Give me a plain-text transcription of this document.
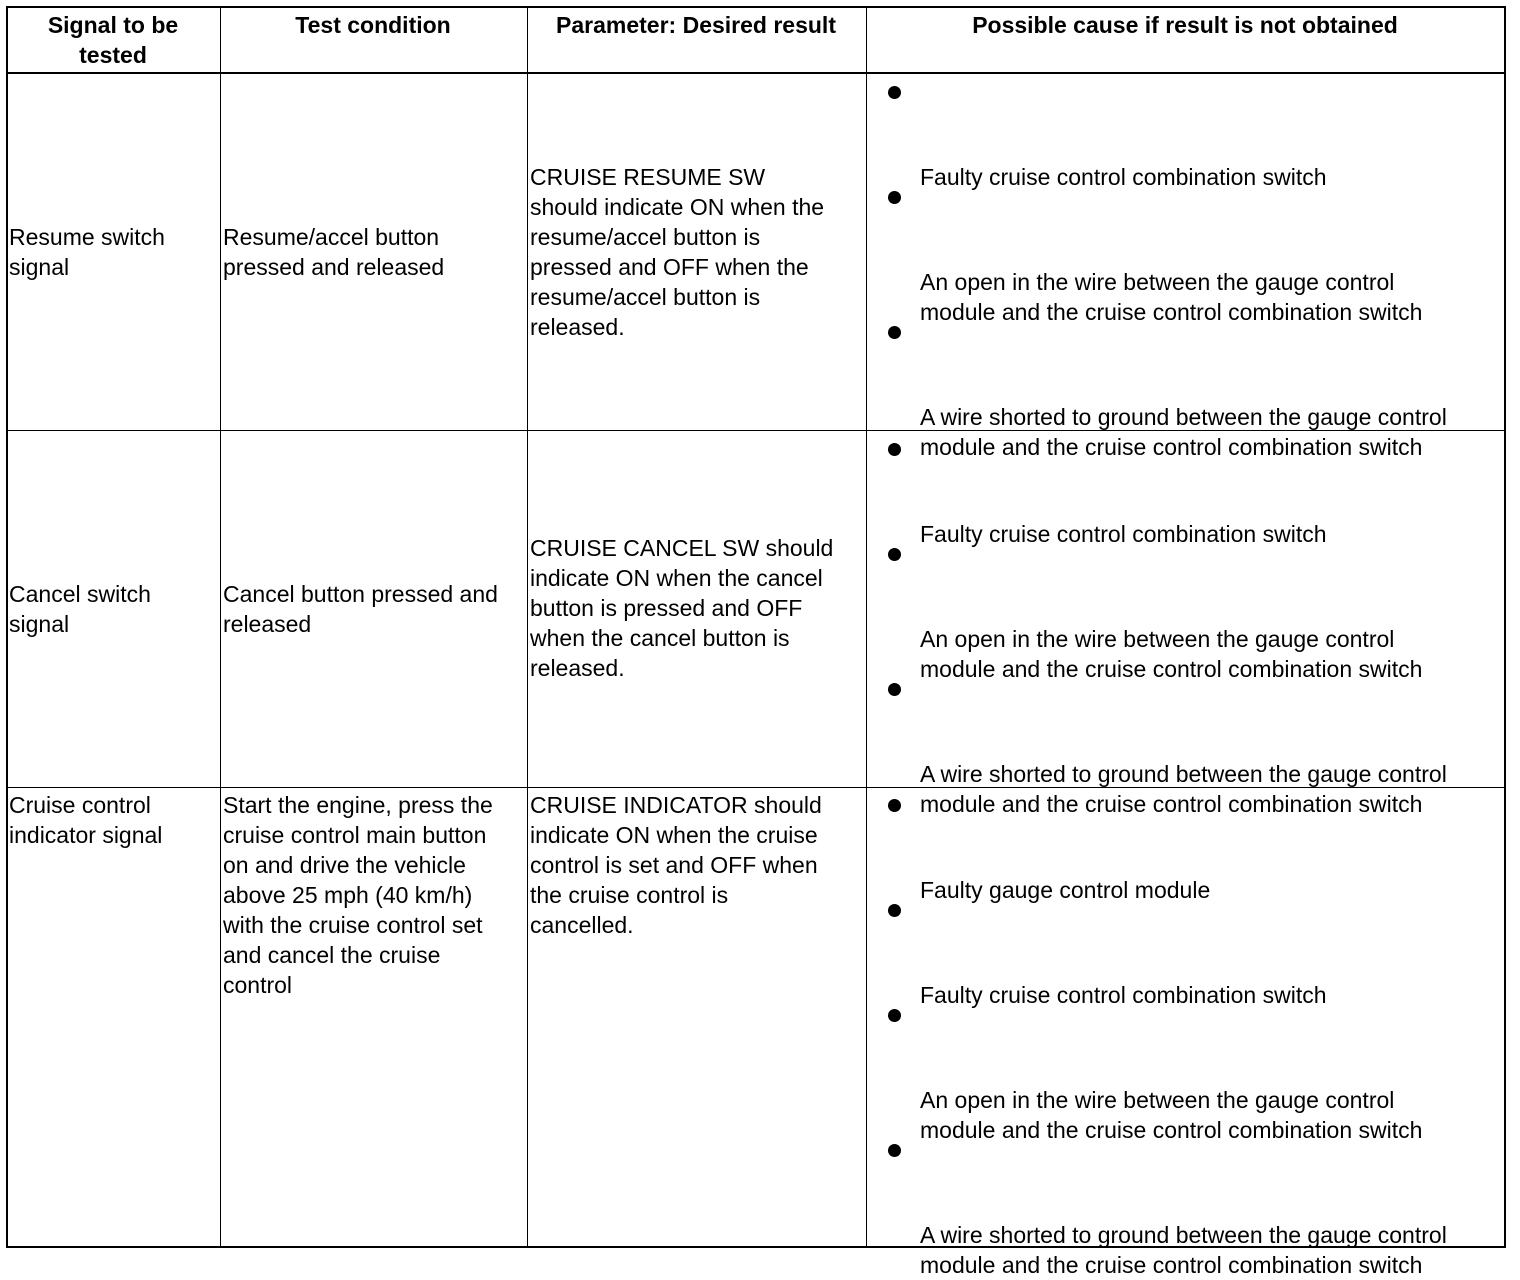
Signal to be
tested
Test condition	Parameter: Desired result	Possible cause if result is not obtained
Resume switch
signal
Resume/accel button
pressed and released
CRUISE RESUME SW
should indicate ON when the
resume/accel button is
pressed and OFF when the
resume/accel button is
released.

Faulty cruise control combination switch

An open in the wire between the gauge control
module and the cruise control combination switch

A wire shorted to ground between the gauge control
module and the cruise control combination switch

Cancel switch
signal
Cancel button pressed and
released
CRUISE CANCEL SW should
indicate ON when the cancel
button is pressed and OFF
when the cancel button is
released.

Faulty cruise control combination switch

An open in the wire between the gauge control
module and the cruise control combination switch

A wire shorted to ground between the gauge control
module and the cruise control combination switch

Cruise control
indicator signal
Start the engine, press the
cruise control main button
on and drive the vehicle
above 25 mph (40 km/h)
with the cruise control set
and cancel the cruise
control
CRUISE INDICATOR should
indicate ON when the cruise
control is set and OFF when
the cruise control is
cancelled.

Faulty gauge control module

Faulty cruise control combination switch

An open in the wire between the gauge control
module and the cruise control combination switch

A wire shorted to ground between the gauge control
module and the cruise control combination switch
